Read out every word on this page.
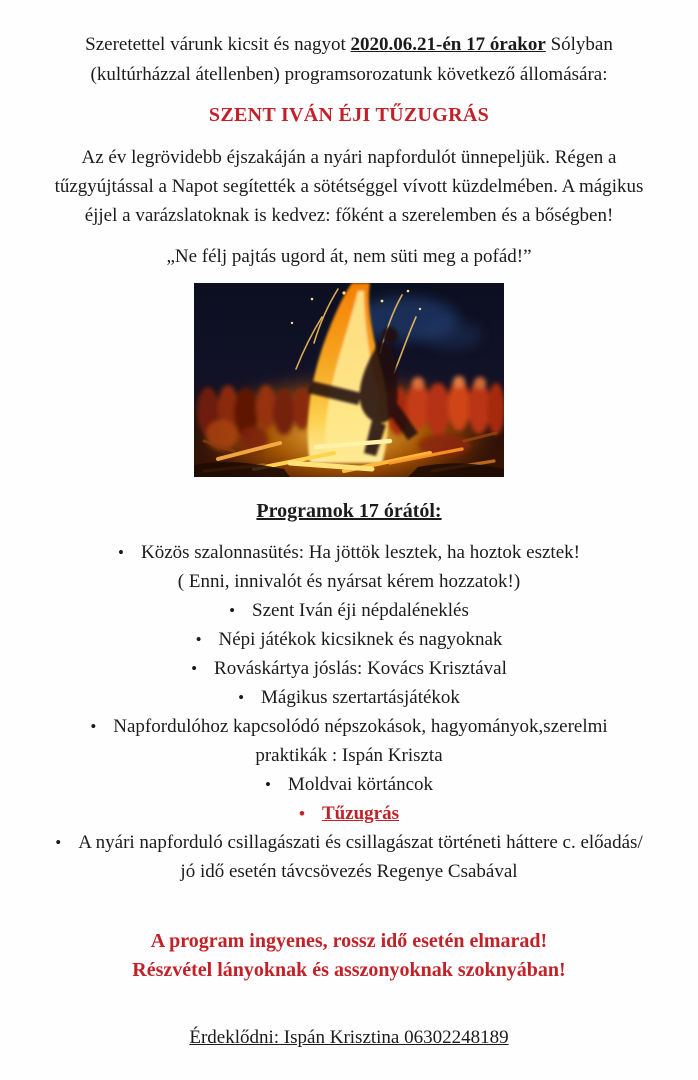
Szeretettel várunk kicsit és nagyot 2020.06.21-én 17 órakor Sólyban
(kultúrházzal átellenben) programsorozatunk következő állomására:
SZENT IVÁN ÉJI TŰZUGRÁS
Az év legrövidebb éjszakáján a nyári napfordulót ünnepeljük. Régen a
tűzgyújtással a Napot segítették a sötétséggel vívott küzdelmében. A mágikus
éjjel a varázslatoknak is kedvez: főként a szerelemben és a bőségben!
„Ne félj pajtás ugord át, nem süti meg a pofád!”
Programok 17 órától:
• Közös szalonnasütés: Ha jöttök lesztek, ha hoztok esztek!
( Enni, innivalót és nyársat kérem hozzatok!)
• Szent Iván éji népdaléneklés
• Népi játékok kicsiknek és nagyoknak
• Rováskártya jóslás: Kovács Krisztával
• Mágikus szertartásjátékok
• Napfordulóhoz kapcsolódó népszokások, hagyományok,szerelmi
praktikák : Ispán Kriszta
• Moldvai körtáncok
• Tűzugrás
• A nyári napforduló csillagászati és csillagászat történeti háttere c. előadás/
jó idő esetén távcsövezés Regenye Csabával
A program ingyenes, rossz idő esetén elmarad!
Részvétel lányoknak és asszonyoknak szoknyában!
Érdeklődni: Ispán Krisztina 06302248189
